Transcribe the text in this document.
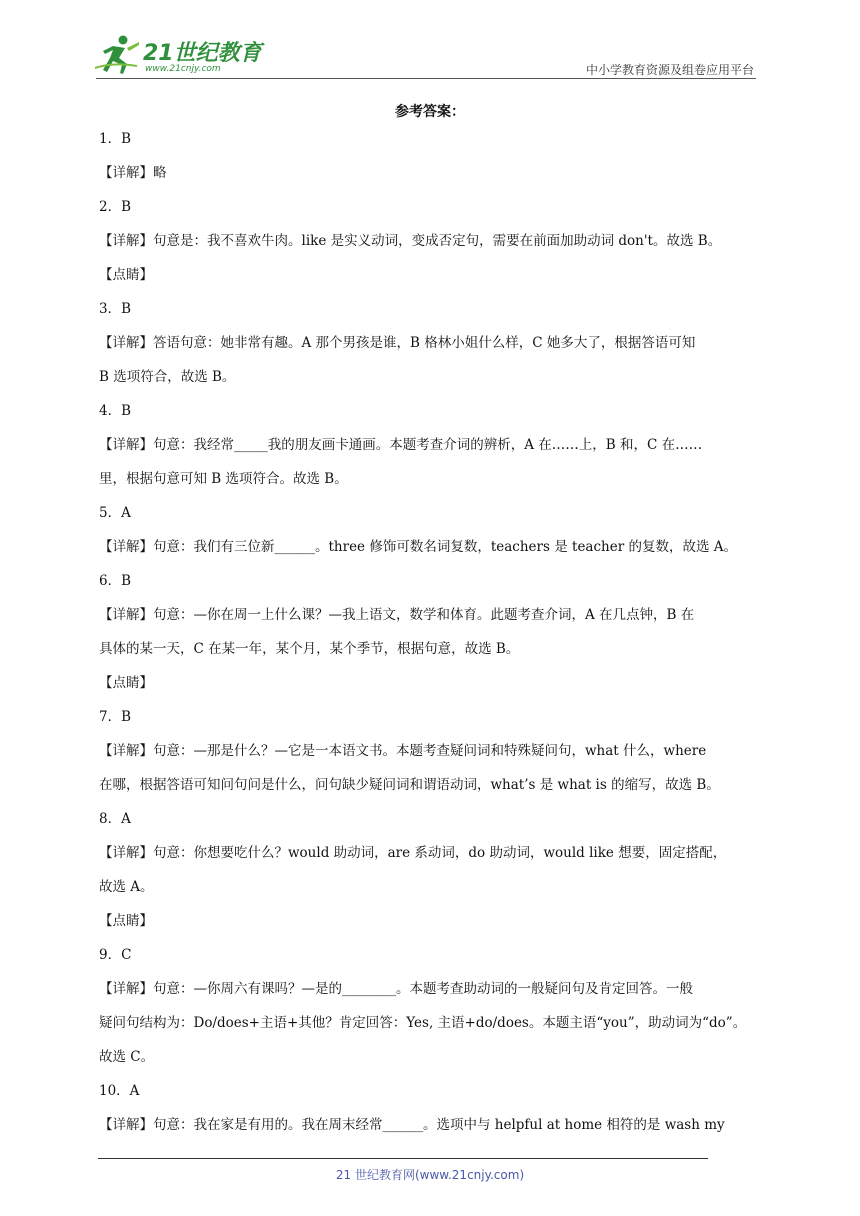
21世纪教育
www.21cnjy.com	中小学教育资源及组卷应用平台
参考答案：
1．B
【详解】略
2．B
【详解】句意是：我不喜欢牛肉。like 是实义动词，变成否定句，需要在前面加助动词 don't。故选 B。
【点睛】
3．B
【详解】答语句意：她非常有趣。A 那个男孩是谁，B 格林小姐什么样，C 她多大了，根据答语可知
B 选项符合，故选 B。
4．B
【详解】句意：我经常_____我的朋友画卡通画。本题考查介词的辨析，A 在……上，B 和，C 在……
里，根据句意可知 B 选项符合。故选 B。
5．A
【详解】句意：我们有三位新______。three 修饰可数名词复数，teachers 是 teacher 的复数，故选 A。
6．B
【详解】句意：—你在周一上什么课？—我上语文，数学和体育。此题考查介词，A 在几点钟，B 在
具体的某一天，C 在某一年，某个月，某个季节，根据句意，故选 B。
【点睛】
7．B
【详解】句意：—那是什么？—它是一本语文书。本题考查疑问词和特殊疑问句，what 什么，where
在哪，根据答语可知问句问是什么，问句缺少疑问词和谓语动词，what’s 是 what is 的缩写，故选 B。
8．A
【详解】句意：你想要吃什么？would 助动词，are 系动词，do 助动词，would like 想要，固定搭配，
故选 A。
【点睛】
9．C
【详解】句意：—你周六有课吗？—是的________。本题考查助动词的一般疑问句及肯定回答。一般
疑问句结构为：Do/does+主语+其他？肯定回答：Yes, 主语+do/does。本题主语“you”，助动词为“do”。
故选 C。
10．A
【详解】句意：我在家是有用的。我在周末经常______。选项中与 helpful at home 相符的是 wash my
21 世纪教育网(www.21cnjy.com)
